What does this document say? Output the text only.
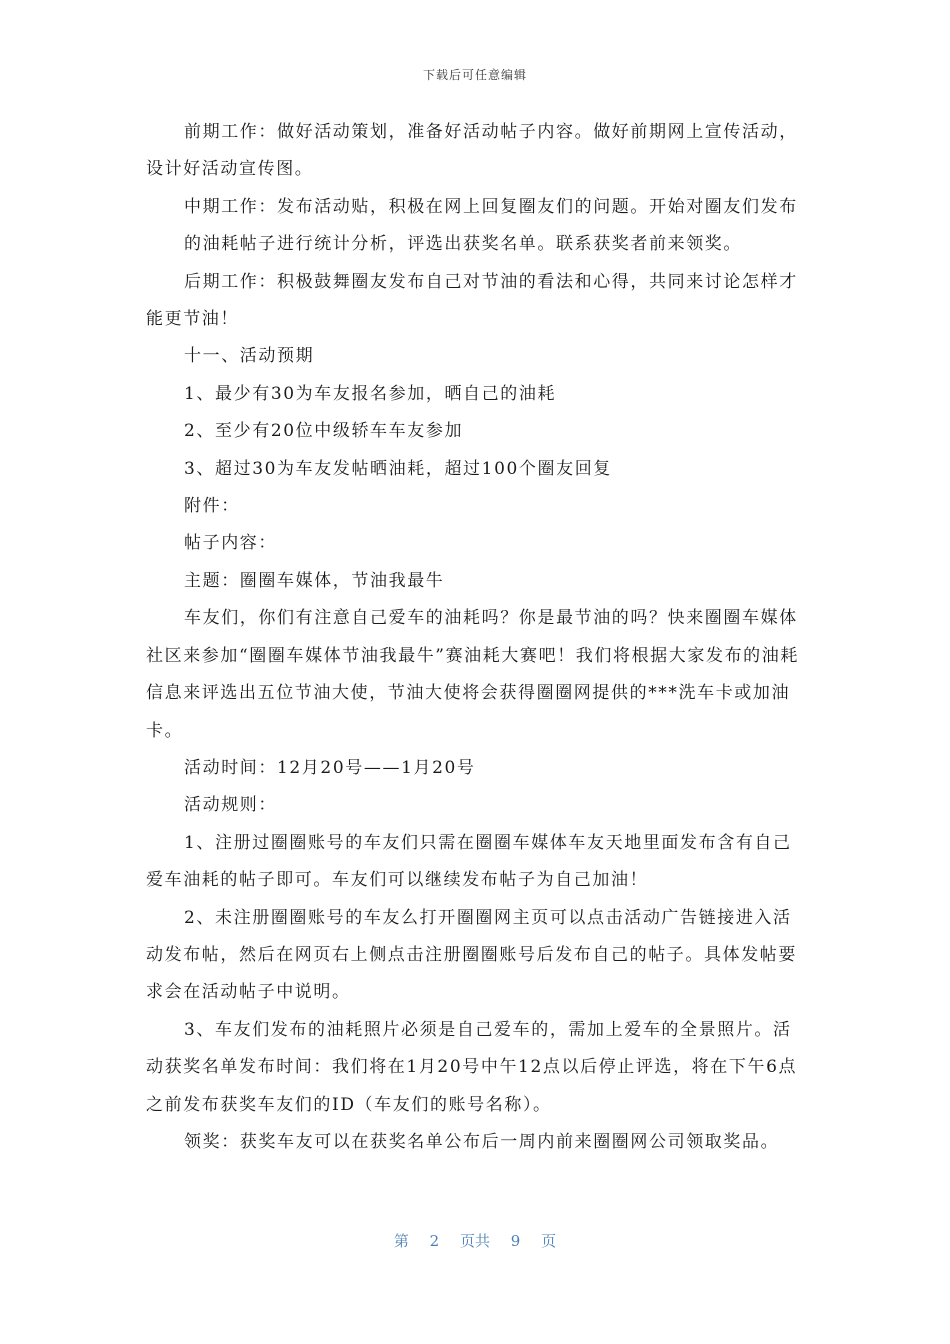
下载后可任意编辑

前期工作：做好活动策划，准备好活动帖子内容。做好前期网上宣传活动，设计好活动宣传图。

中期工作：发布活动贴，积极在网上回复圈友们的问题。开始对圈友们发布

的油耗帖子进行统计分析，评选出获奖名单。联系获奖者前来领奖。

后期工作：积极鼓舞圈友发布自己对节油的看法和心得，共同来讨论怎样才能更节油！

十一、活动预期

1、最少有30为车友报名参加，晒自己的油耗

2、至少有20位中级轿车车友参加

3、超过30为车友发帖晒油耗，超过100个圈友回复

附件：

帖子内容：

主题：圈圈车媒体，节油我最牛

车友们，你们有注意自己爱车的油耗吗？你是最节油的吗？快来圈圈车媒体社区来参加“圈圈车媒体节油我最牛”赛油耗大赛吧！我们将根据大家发布的油耗信息来评选出五位节油大使，节油大使将会获得圈圈网提供的***洗车卡或加油卡。

活动时间：12月20号——1月20号

活动规则：

1、注册过圈圈账号的车友们只需在圈圈车媒体车友天地里面发布含有自己爱车油耗的帖子即可。车友们可以继续发布帖子为自己加油！

2、未注册圈圈账号的车友么打开圈圈网主页可以点击活动广告链接进入活动发布帖，然后在网页右上侧点击注册圈圈账号后发布自己的帖子。具体发帖要求会在活动帖子中说明。

3、车友们发布的油耗照片必须是自己爱车的，需加上爱车的全景照片。活动获奖名单发布时间：我们将在1月20号中午12点以后停止评选，将在下午6点之前发布获奖车友们的ID（车友们的账号名称）。

领奖：获奖车友可以在获奖名单公布后一周内前来圈圈网公司领取奖品。

第 2 页共 9 页
